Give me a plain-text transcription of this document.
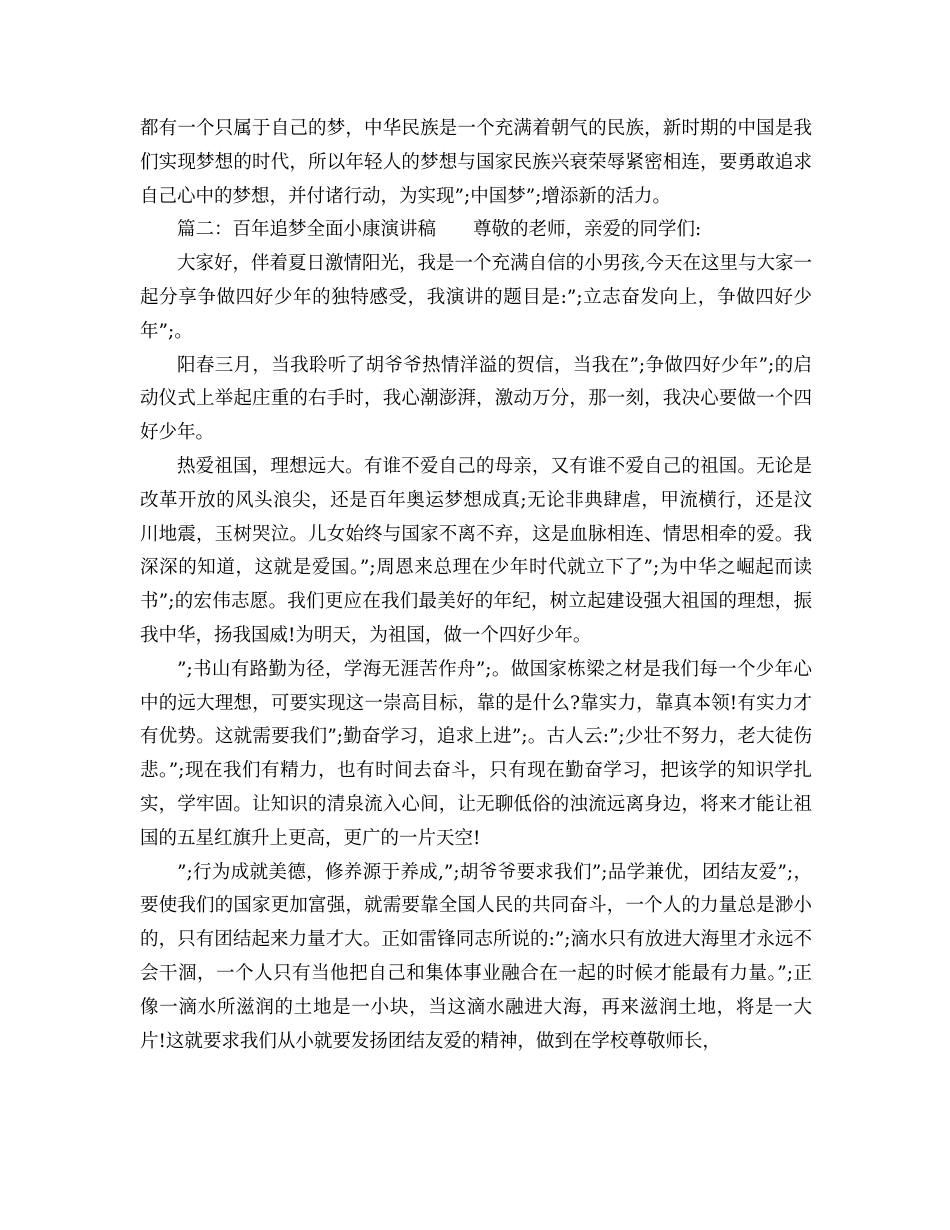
都有一个只属于自己的梦，中华民族是一个充满着朝气的民族，新时期的中国是我们实现梦想的时代，所以年轻人的梦想与国家民族兴衰荣辱紧密相连，要勇敢追求自己心中的梦想，并付诸行动，为实现”;中国梦”;增添新的活力。

篇二：百年追梦全面小康演讲稿　　尊敬的老师，亲爱的同学们:

大家好，伴着夏日激情阳光，我是一个充满自信的小男孩,今天在这里与大家一起分享争做四好少年的独特感受，我演讲的题目是:”;立志奋发向上，争做四好少年”;。

阳春三月，当我聆听了胡爷爷热情洋溢的贺信，当我在”;争做四好少年”;的启动仪式上举起庄重的右手时，我心潮澎湃，激动万分，那一刻，我决心要做一个四好少年。

热爱祖国，理想远大。有谁不爱自己的母亲，又有谁不爱自己的祖国。无论是改革开放的风头浪尖，还是百年奥运梦想成真;无论非典肆虐，甲流横行，还是汶川地震，玉树哭泣。儿女始终与国家不离不弃，这是血脉相连、情思相牵的爱。我深深的知道，这就是爱国。”;周恩来总理在少年时代就立下了”;为中华之崛起而读书”;的宏伟志愿。我们更应在我们最美好的年纪，树立起建设强大祖国的理想，振我中华，扬我国威!为明天，为祖国，做一个四好少年。

”;书山有路勤为径，学海无涯苦作舟”;。做国家栋梁之材是我们每一个少年心中的远大理想，可要实现这一崇高目标，靠的是什么?靠实力，靠真本领!有实力才有优势。这就需要我们”;勤奋学习，追求上进”;。古人云:”;少壮不努力，老大徒伤悲。”;现在我们有精力，也有时间去奋斗，只有现在勤奋学习，把该学的知识学扎实，学牢固。让知识的清泉流入心间，让无聊低俗的浊流远离身边，将来才能让祖国的五星红旗升上更高，更广的一片天空!

”;行为成就美德，修养源于养成,”;胡爷爷要求我们”;品学兼优，团结友爱”;，要使我们的国家更加富强，就需要靠全国人民的共同奋斗，一个人的力量总是渺小的，只有团结起来力量才大。正如雷锋同志所说的:”;滴水只有放进大海里才永远不会干涸，一个人只有当他把自己和集体事业融合在一起的时候才能最有力量。”;正像一滴水所滋润的土地是一小块，当这滴水融进大海，再来滋润土地，将是一大片!这就要求我们从小就要发扬团结友爱的精神，做到在学校尊敬师长，
